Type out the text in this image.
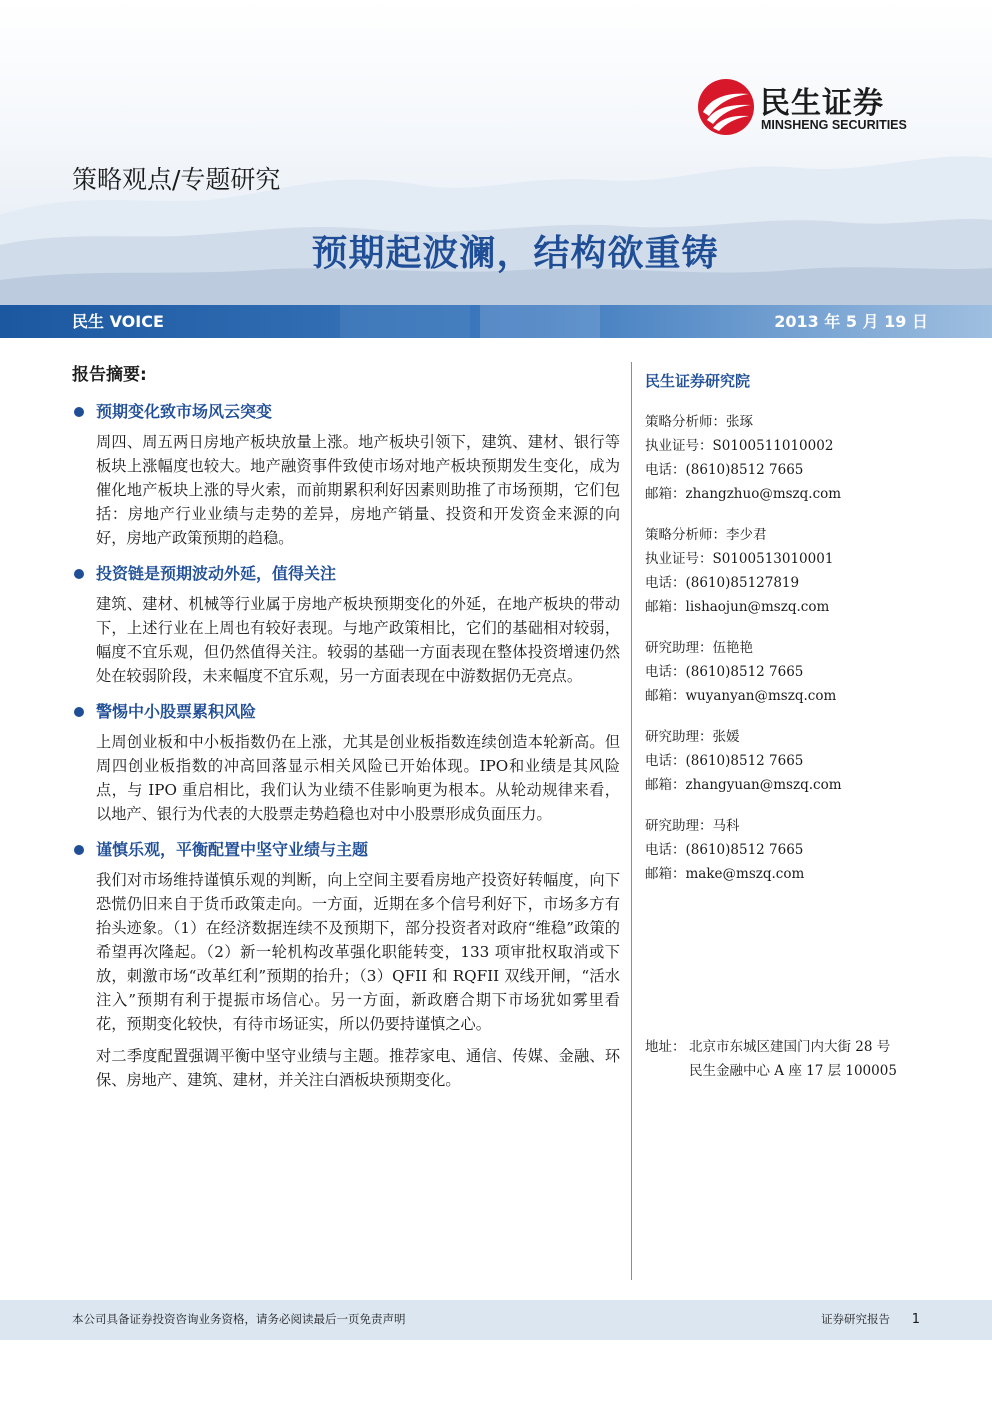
民生证券
MINSHENG SECURITIES
策略观点/专题研究
预期起波澜，结构欲重铸
民生 VOICE	2013 年 5 月 19 日
报告摘要:
预期变化致市场风云突变
周四、周五两日房地产板块放量上涨。地产板块引领下，建筑、建材、银行等板块上涨幅度也较大。地产融资事件致使市场对地产板块预期发生变化，成为催化地产板块上涨的导火索，而前期累积利好因素则助推了市场预期，它们包括：房地产行业业绩与走势的差异，房地产销量、投资和开发资金来源的向好，房地产政策预期的趋稳。
投资链是预期波动外延，值得关注
建筑、建材、机械等行业属于房地产板块预期变化的外延，在地产板块的带动下，上述行业在上周也有较好表现。与地产政策相比，它们的基础相对较弱，幅度不宜乐观，但仍然值得关注。较弱的基础一方面表现在整体投资增速仍然处在较弱阶段，未来幅度不宜乐观，另一方面表现在中游数据仍无亮点。
警惕中小股票累积风险
上周创业板和中小板指数仍在上涨，尤其是创业板指数连续创造本轮新高。但周四创业板指数的冲高回落显示相关风险已开始体现。IPO和业绩是其风险点，与 IPO 重启相比，我们认为业绩不佳影响更为根本。从轮动规律来看，以地产、银行为代表的大股票走势趋稳也对中小股票形成负面压力。
谨慎乐观，平衡配置中坚守业绩与主题
我们对市场维持谨慎乐观的判断，向上空间主要看房地产投资好转幅度，向下恐慌仍旧来自于货币政策走向。一方面，近期在多个信号利好下，市场多方有抬头迹象。（1）在经济数据连续不及预期下，部分投资者对政府“维稳”政策的希望再次隆起。（2）新一轮机构改革强化职能转变，133 项审批权取消或下放，刺激市场“改革红利”预期的抬升；（3）QFII 和 RQFII 双线开闸，“活水注入”预期有利于提振市场信心。另一方面，新政磨合期下市场犹如雾里看花，预期变化较快，有待市场证实，所以仍要持谨慎之心。
对二季度配置强调平衡中坚守业绩与主题。推荐家电、通信、传媒、金融、环保、房地产、建筑、建材，并关注白酒板块预期变化。
民生证券研究院
策略分析师：张琢
执业证号：S0100511010002
电话：(8610)8512 7665
邮箱：zhangzhuo@mszq.com
策略分析师：李少君
执业证号：S0100513010001
电话：(8610)85127819
邮箱：lishaojun@mszq.com
研究助理：伍艳艳
电话：(8610)8512 7665
邮箱：wuyanyan@mszq.com
研究助理：张媛
电话：(8610)8512 7665
邮箱：zhangyuan@mszq.com
研究助理：马科
电话：(8610)8512 7665
邮箱：make@mszq.com
地址： 北京市东城区建国门内大街 28 号
民生金融中心 A 座 17 层 100005
本公司具备证券投资咨询业务资格，请务必阅读最后一页免责声明	证券研究报告 1
